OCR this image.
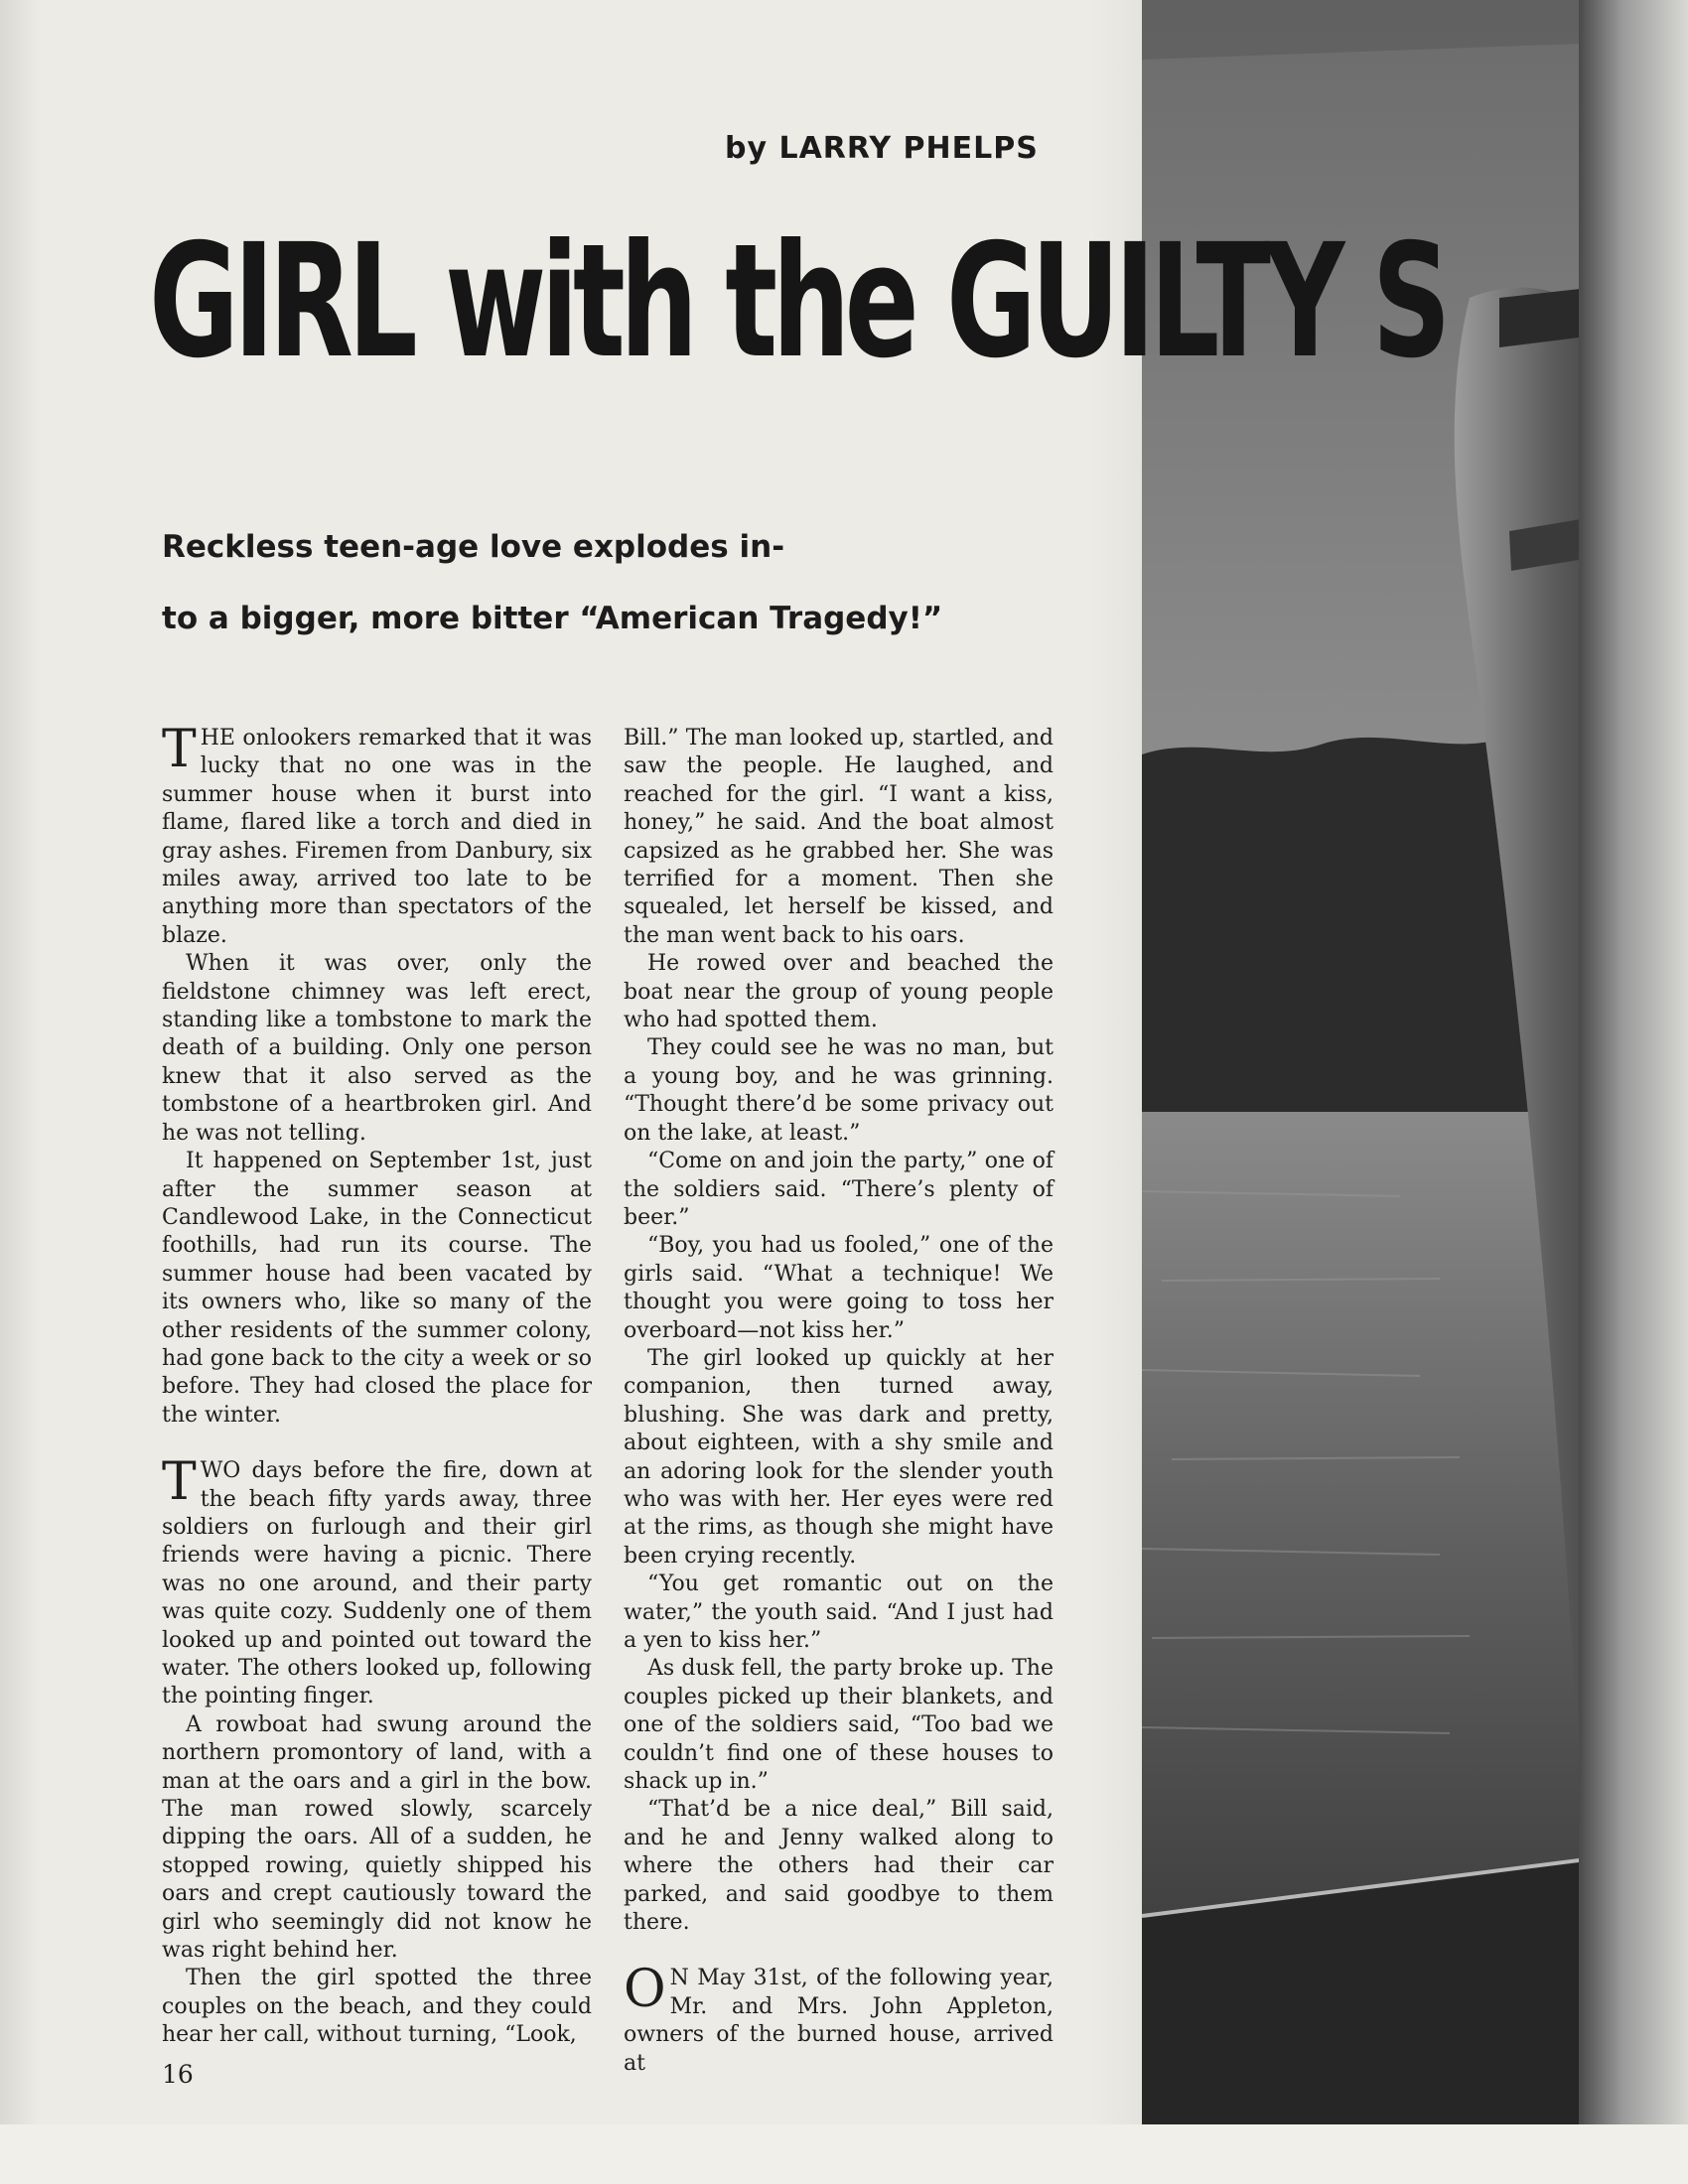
by LARRY PHELPS
GIRL with the GUILTY S
Reckless teen-age love explodes in-
to a bigger, more bitter “American Tragedy!”

THE onlookers remarked that it was lucky that no one was in the summer house when it burst into flame, flared like a torch and died in gray ashes. Firemen from Danbury, six miles away, arrived too late to be anything more than spectators of the blaze.

When it was over, only the fieldstone chimney was left erect, standing like a tombstone to mark the death of a building. Only one person knew that it also served as the tombstone of a heartbroken girl. And he was not telling.

It happened on September 1st, just after the summer season at Candlewood Lake, in the Connecticut foothills, had run its course. The summer house had been vacated by its owners who, like so many of the other residents of the summer colony, had gone back to the city a week or so before. They had closed the place for the winter.

TWO days before the fire, down at the beach fifty yards away, three soldiers on furlough and their girl friends were having a picnic. There was no one around, and their party was quite cozy. Suddenly one of them looked up and pointed out toward the water. The others looked up, following the pointing finger.

A rowboat had swung around the northern promontory of land, with a man at the oars and a girl in the bow. The man rowed slowly, scarcely dipping the oars. All of a sudden, he stopped rowing, quietly shipped his oars and crept cautiously toward the girl who seemingly did not know he was right behind her.

Then the girl spotted the three couples on the beach, and they could hear her call, without turning, “Look,

Bill.” The man looked up, startled, and saw the people. He laughed, and reached for the girl. “I want a kiss, honey,” he said. And the boat almost capsized as he grabbed her. She was terrified for a moment. Then she squealed, let herself be kissed, and the man went back to his oars.

He rowed over and beached the boat near the group of young people who had spotted them.

They could see he was no man, but a young boy, and he was grinning. “Thought there’d be some privacy out on the lake, at least.”

“Come on and join the party,” one of the soldiers said. “There’s plenty of beer.”

“Boy, you had us fooled,” one of the girls said. “What a technique! We thought you were going to toss her overboard—not kiss her.”

The girl looked up quickly at her companion, then turned away, blushing. She was dark and pretty, about eighteen, with a shy smile and an adoring look for the slender youth who was with her. Her eyes were red at the rims, as though she might have been crying recently.

“You get romantic out on the water,” the youth said. “And I just had a yen to kiss her.”

As dusk fell, the party broke up. The couples picked up their blankets, and one of the soldiers said, “Too bad we couldn’t find one of these houses to shack up in.”

“That’d be a nice deal,” Bill said, and he and Jenny walked along to where the others had their car parked, and said goodbye to them there.

O N May 31st, of the following year, Mr. and Mrs. John Appleton, owners of the burned house, arrived at

16
